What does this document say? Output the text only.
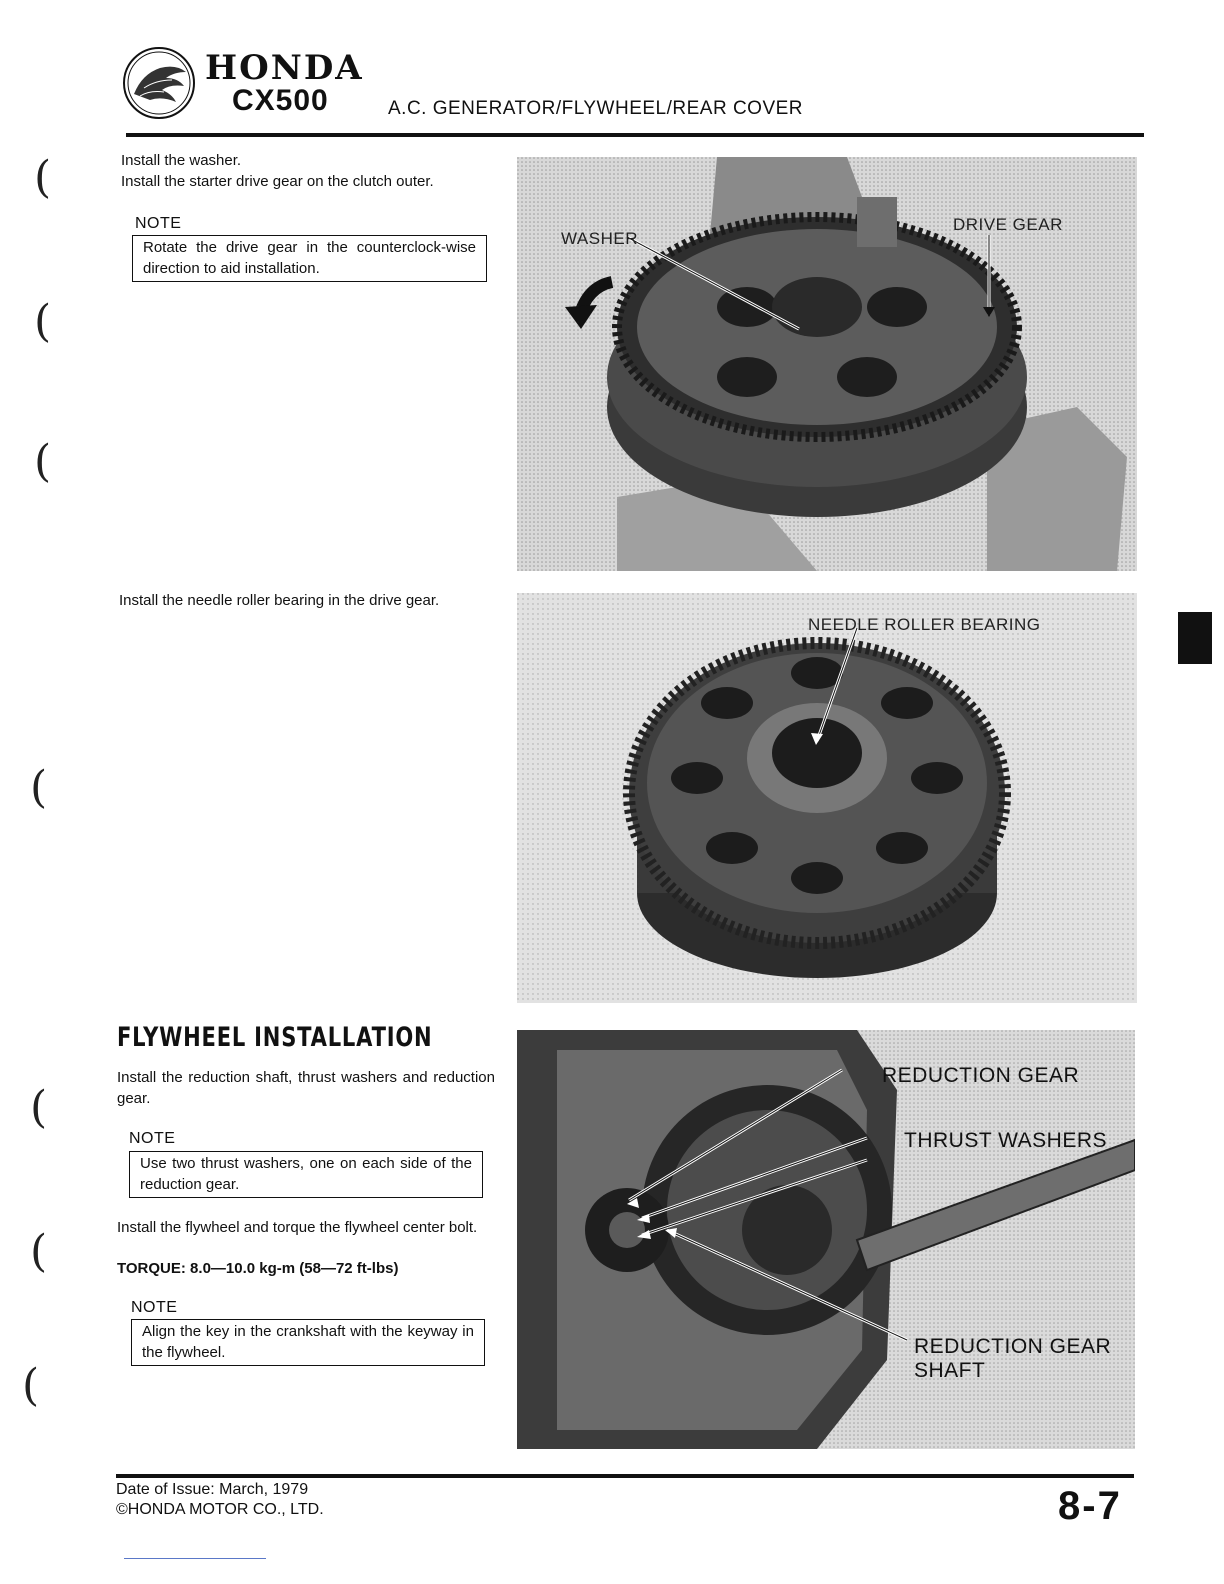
HONDA
CX500	A.C. GENERATOR/FLYWHEEL/REAR COVER
(
(
(
(
(
(
(
Install the washer.
Install the starter drive gear on the clutch outer.
NOTE
Rotate the drive gear in the counterclock-wise direction to aid installation.
WASHER
DRIVE GEAR
Install the needle roller bearing in the drive gear.
NEEDLE ROLLER BEARING
FLYWHEEL INSTALLATION
Install the reduction shaft, thrust washers and reduction gear.
NOTE
Use two thrust washers, one on each side of the reduction gear.
Install the flywheel and torque the flywheel center bolt.
TORQUE: 8.0—10.0 kg-m (58—72 ft-lbs)
NOTE
Align the key in the crankshaft with the keyway in the flywheel.
REDUCTION GEAR
THRUST WASHERS
REDUCTION GEAR
SHAFT
Date of Issue: March, 1979
©HONDA MOTOR CO., LTD.	8-7
